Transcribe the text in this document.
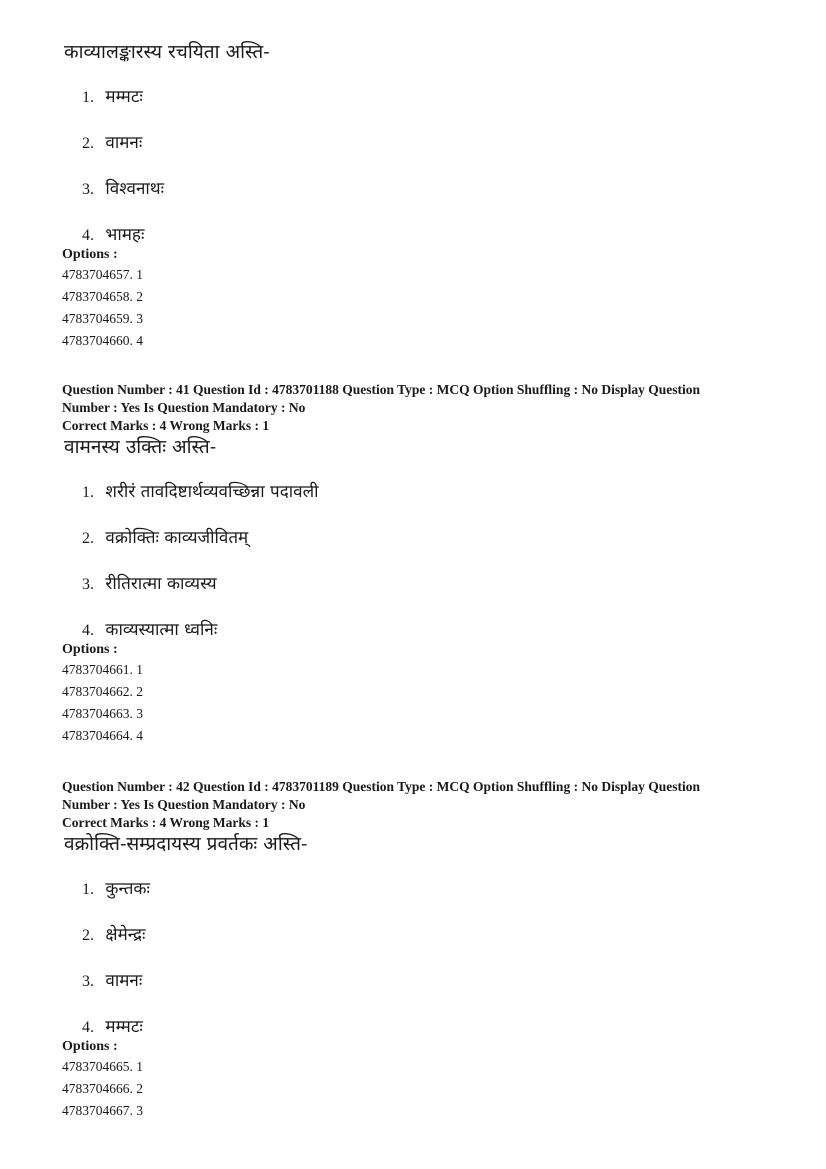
काव्यालङ्कारस्य रचयिता अस्ति-
1. मम्मटः
2. वामनः
3. विश्वनाथः
4. भामहः
Options :
4783704657. 1
4783704658. 2
4783704659. 3
4783704660. 4
Question Number : 41 Question Id : 4783701188 Question Type : MCQ Option Shuffling : No Display Question
Number : Yes Is Question Mandatory : No
Correct Marks : 4 Wrong Marks : 1
वामनस्य उक्तिः अस्ति-
1. शरीरं तावदिष्टार्थव्यवच्छिन्ना पदावली
2. वक्रोक्तिः काव्यजीवितम्
3. रीतिरात्मा काव्यस्य
4. काव्यस्यात्मा ध्वनिः
Options :
4783704661. 1
4783704662. 2
4783704663. 3
4783704664. 4
Question Number : 42 Question Id : 4783701189 Question Type : MCQ Option Shuffling : No Display Question
Number : Yes Is Question Mandatory : No
Correct Marks : 4 Wrong Marks : 1
वक्रोक्ति-सम्प्रदायस्य प्रवर्तकः अस्ति-
1. कुन्तकः
2. क्षेमेन्द्रः
3. वामनः
4. मम्मटः
Options :
4783704665. 1
4783704666. 2
4783704667. 3
